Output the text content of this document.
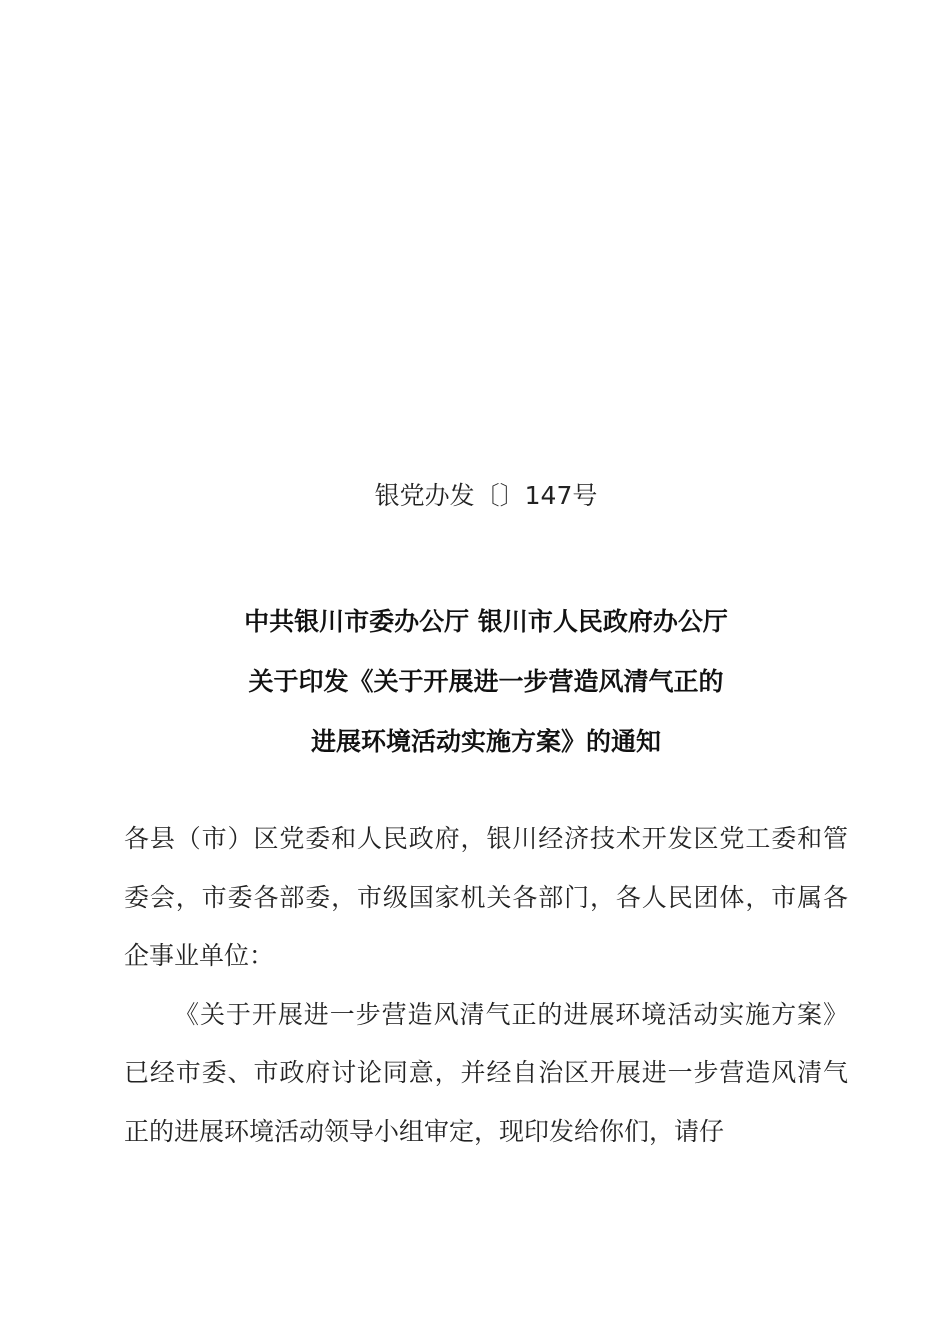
银党办发〔〕147号
中共银川市委办公厅 银川市人民政府办公厅
关于印发《关于开展进一步营造风清气正的
进展环境活动实施方案》的通知

各县（市）区党委和人民政府，银川经济技术开发区党工委和管委会，市委各部委，市级国家机关各部门，各人民团体，市属各企事业单位：

《关于开展进一步营造风清气正的进展环境活动实施方案》已经市委、市政府讨论同意，并经自治区开展进一步营造风清气正的进展环境活动领导小组审定，现印发给你们，请仔
